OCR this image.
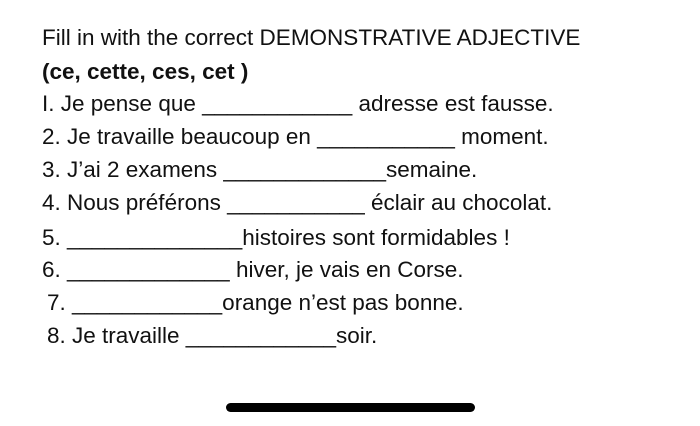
Fill in with the correct DEMONSTRATIVE ADJECTIVE
(ce, cette, ces, cet )
I. Je pense que ____________ adresse est fausse.
2. Je travaille beaucoup en ___________ moment.
3. J’ai 2 examens _____________semaine.
4. Nous préférons ___________ éclair au chocolat.
5. ______________histoires sont formidables !
6. _____________ hiver, je vais en Corse.
7. ____________orange n’est pas bonne.
8. Je travaille ____________soir.
